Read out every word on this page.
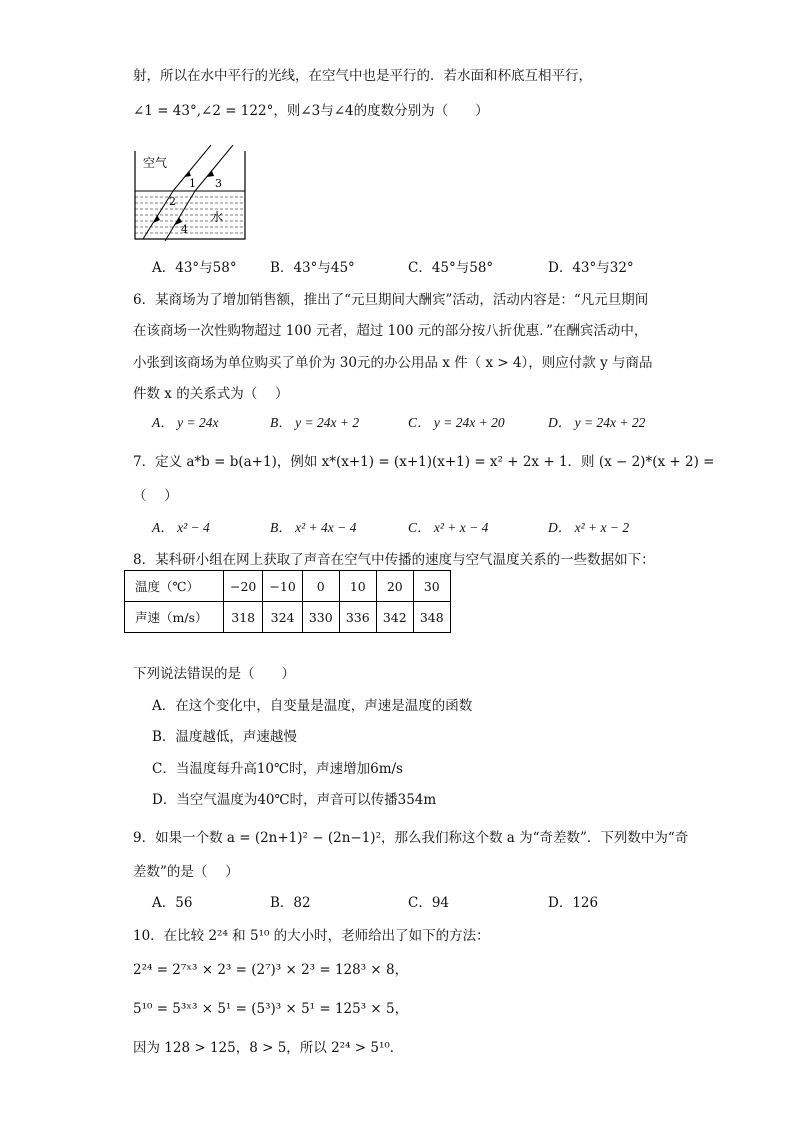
射，所以在水中平行的光线，在空气中也是平行的．若水面和杯底互相平行，
∠1 = 43°,∠2 = 122°，则∠3与∠4的度数分别为（　　）
空气
水
1
2
3
4
A．43°与58° B．43°与45°	C．45°与58°	D．43°与32°
6．某商场为了增加销售额，推出了“元旦期间大酬宾”活动，活动内容是：“凡元旦期间
在该商场一次性购物超过 100 元者，超过 100 元的部分按八折优惠．”在酬宾活动中，
小张到该商场为单位购买了单价为 30元的办公用品 x 件（ x > 4），则应付款 y 与商品
件数 x 的关系式为（　 ）
A． y = 24x	B． y = 24x + 2	C． y = 24x + 20	D． y = 24x + 22
7．定义 a*b = b(a+1)，例如 x*(x+1) = (x+1)(x+1) = x² + 2x + 1．则 (x − 2)*(x + 2) =
（　 ）
A． x² − 4	B． x² + 4x − 4	C． x² + x − 4	D． x² + x − 2
8．某科研小组在网上获取了声音在空气中传播的速度与空气温度关系的一些数据如下：
温度（℃）	−20	−10	0	10	20	30
声速（m/s）	318	324	330	336	342	348
下列说法错误的是（　　）
A．在这个变化中，自变量是温度，声速是温度的函数
B．温度越低，声速越慢
C．当温度每升高10℃时，声速增加6m/s
D．当空气温度为40℃时，声音可以传播354m
9．如果一个数 a = (2n+1)² − (2n−1)²，那么我们称这个数 a 为“奇差数”．下列数中为“奇
差数”的是（　 ）
A．56	B．82	C．94	D．126
10．在比较 2²⁴ 和 5¹⁰ 的大小时，老师给出了如下的方法：
2²⁴ = 2⁷ˣ³ × 2³ = (2⁷)³ × 2³ = 128³ × 8，
5¹⁰ = 5³ˣ³ × 5¹ = (5³)³ × 5¹ = 125³ × 5，
因为 128 > 125，8 > 5，所以 2²⁴ > 5¹⁰．
